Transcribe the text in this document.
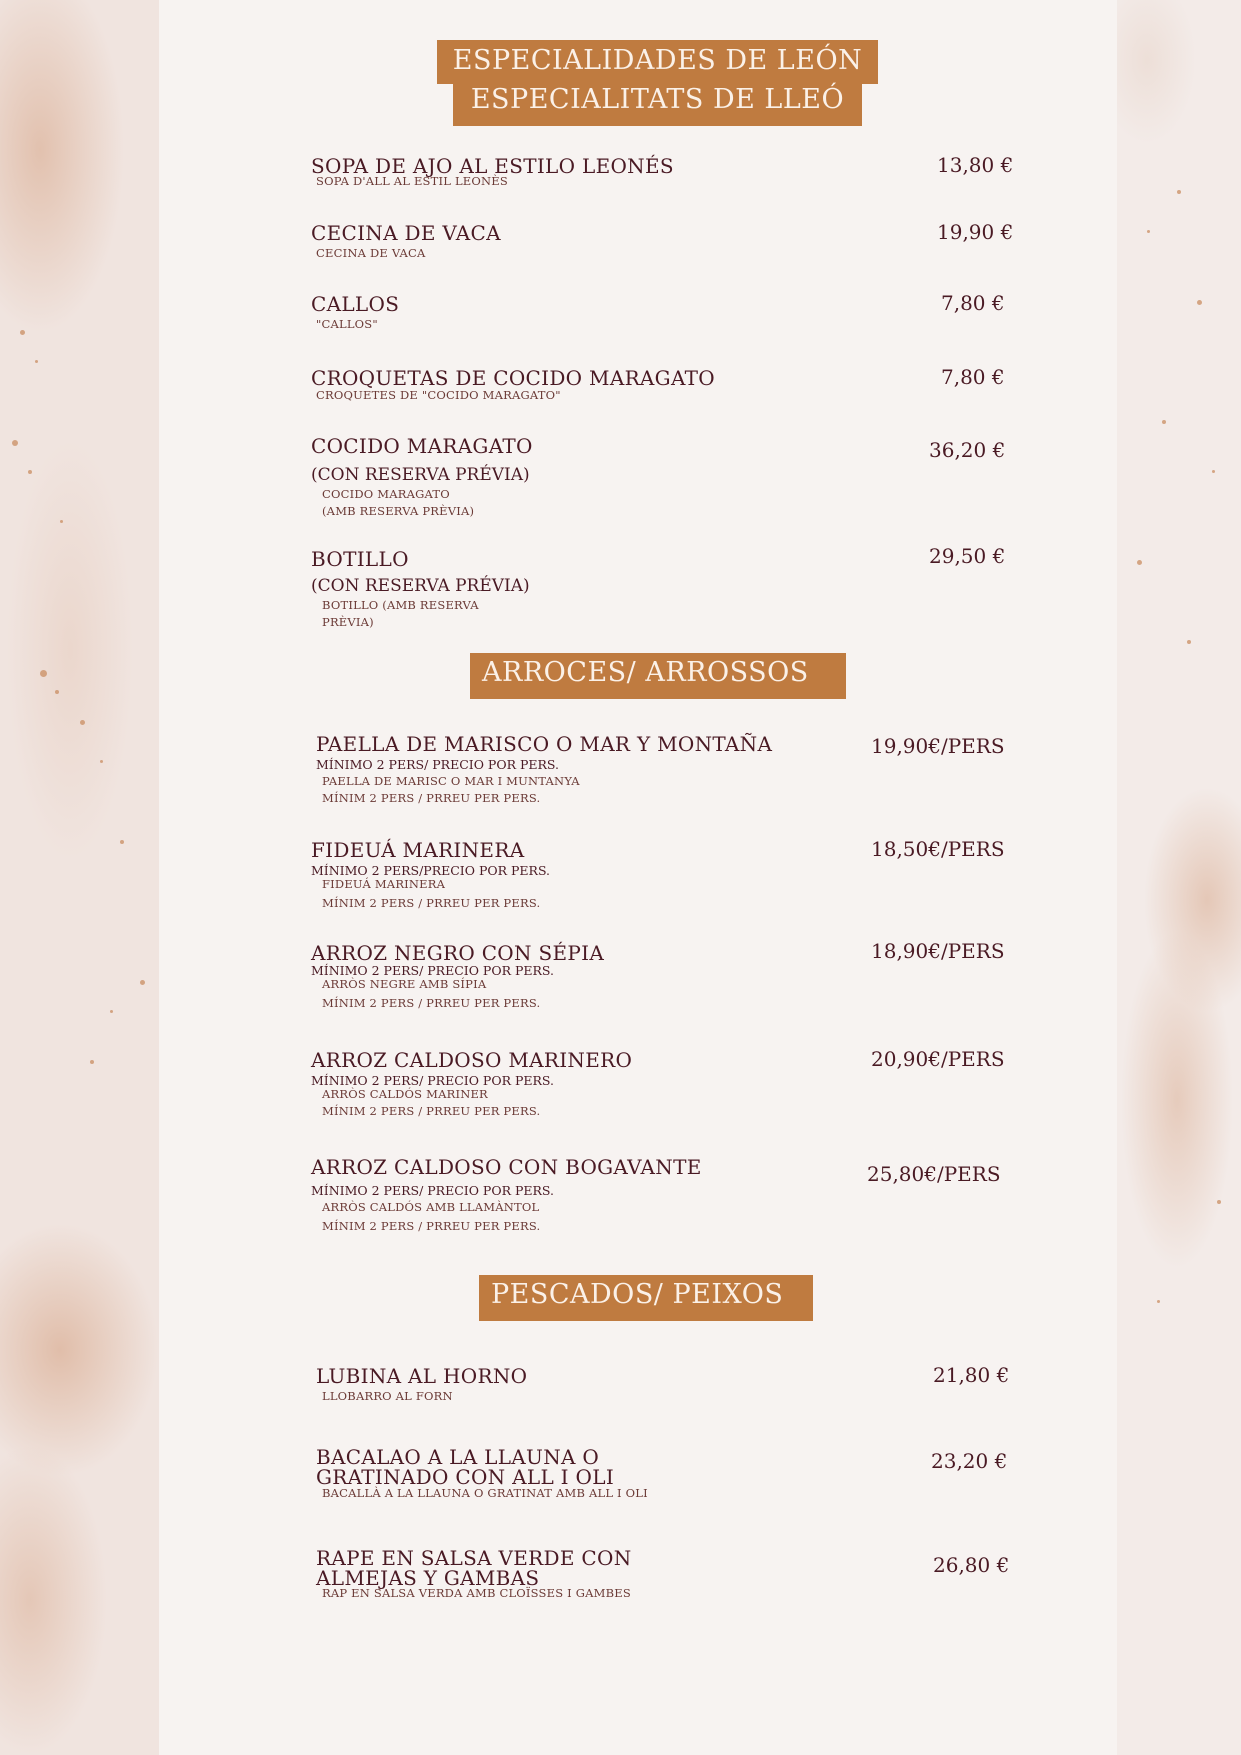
ESPECIALIDADES DE LEÓN
ESPECIALITATS DE LLEÓ
SOPA DE AJO AL ESTILO LEONÉS
SOPA D'ALL AL ESTIL LEONÈS
13,80 €
CECINA DE VACA
CECINA DE VACA
19,90 €
CALLOS
"CALLOS"
7,80 €
CROQUETAS DE COCIDO MARAGATO
CROQUETES DE "COCIDO MARAGATO"
7,80 €
COCIDO MARAGATO
(CON RESERVA PRÉVIA)
COCIDO MARAGATO
(AMB RESERVA PRÈVIA)
36,20 €
BOTILLO
(CON RESERVA PRÉVIA)
BOTILLO (AMB RESERVA
PRÈVIA)
29,50 €
ARROCES/ ARROSSOS
PAELLA DE MARISCO O MAR Y MONTAÑA
MÍNIMO 2 PERS/ PRECIO POR PERS.
PAELLA DE MARISC O MAR I MUNTANYA
MÍNIM 2 PERS / PRREU PER PERS.
19,90€/PERS
FIDEUÁ MARINERA
MÍNIMO 2 PERS/PRECIO POR PERS.
FIDEUÁ MARINERA
MÍNIM 2 PERS / PRREU PER PERS.
18,50€/PERS
ARROZ NEGRO CON SÉPIA
MÍNIMO 2 PERS/ PRECIO POR PERS.
ARRÒS NEGRE AMB SÍPIA
MÍNIM 2 PERS / PRREU PER PERS.
18,90€/PERS
ARROZ CALDOSO MARINERO
MÍNIMO 2 PERS/ PRECIO POR PERS.
ARRÒS CALDÓS MARINER
MÍNIM 2 PERS / PRREU PER PERS.
20,90€/PERS
ARROZ CALDOSO CON BOGAVANTE
MÍNIMO 2 PERS/ PRECIO POR PERS.
ARRÒS CALDÓS AMB LLAMÀNTOL
MÍNIM 2 PERS / PRREU PER PERS.
25,80€/PERS
PESCADOS/ PEIXOS
LUBINA AL HORNO
LLOBARRO AL FORN
21,80 €
BACALAO A LA LLAUNA O
GRATINADO CON ALL I OLI
BACALLÀ A LA LLAUNA O GRATINAT AMB ALL I OLI
23,20 €
RAPE EN SALSA VERDE CON
ALMEJAS Y GAMBAS
RAP EN SALSA VERDA AMB CLOÏSSES I GAMBES
26,80 €
